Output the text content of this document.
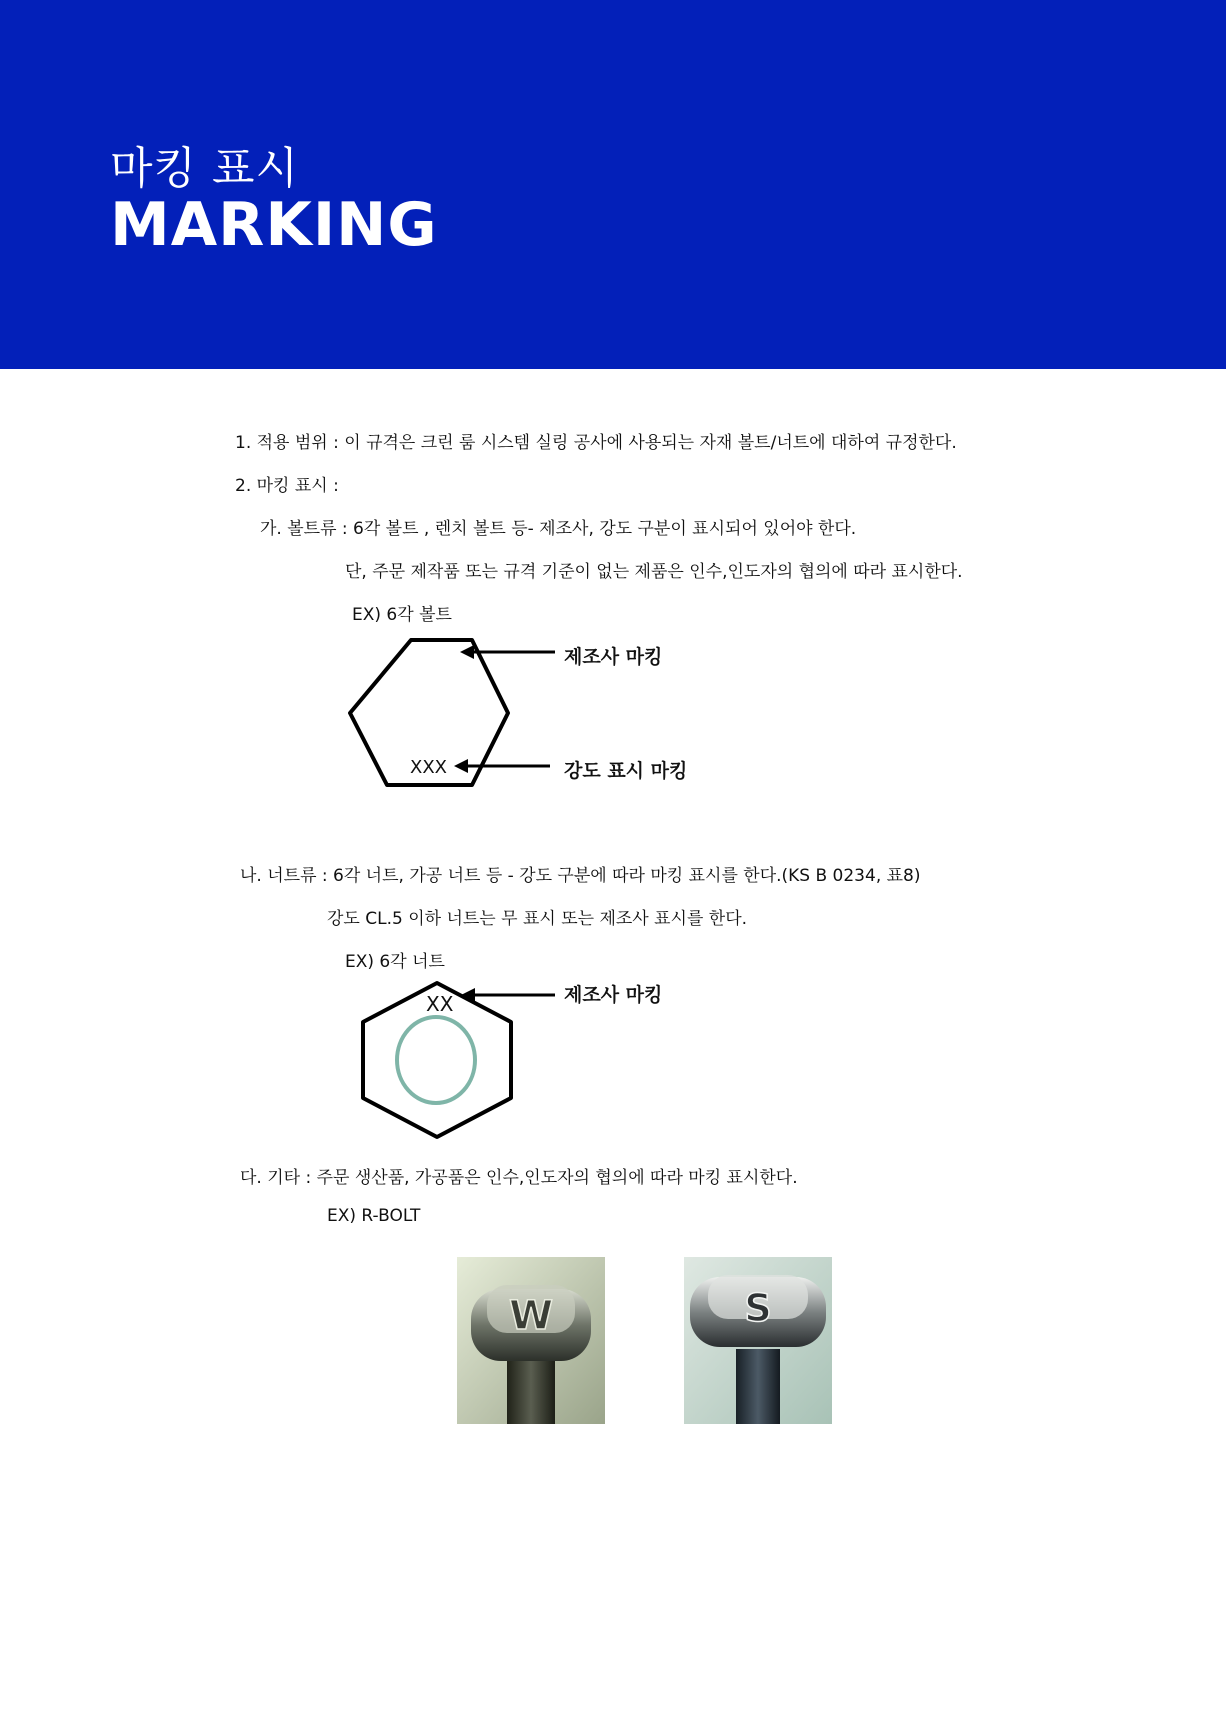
마킹 표시
MARKING
1. 적용 범위 : 이 규격은 크린 룸 시스템 실링 공사에 사용되는 자재 볼트/너트에 대하여 규정한다.
2. 마킹 표시 :
가. 볼트류 : 6각 볼트 , 렌치 볼트 등- 제조사, 강도 구분이 표시되어 있어야 한다.
단, 주문 제작품 또는 규격 기준이 없는 제품은 인수,인도자의 협의에 따라 표시한다.
EX) 6각 볼트
XXX
제조사 마킹
강도 표시 마킹
나. 너트류 : 6각 너트, 가공 너트 등 - 강도 구분에 따라 마킹 표시를 한다.(KS B 0234, 표8)
강도 CL.5 이하 너트는 무 표시 또는 제조사 표시를 한다.
EX) 6각 너트
XX	제조사 마킹
다. 기타 : 주문 생산품, 가공품은 인수,인도자의 협의에 따라 마킹 표시한다.
EX) R-BOLT
W	S
